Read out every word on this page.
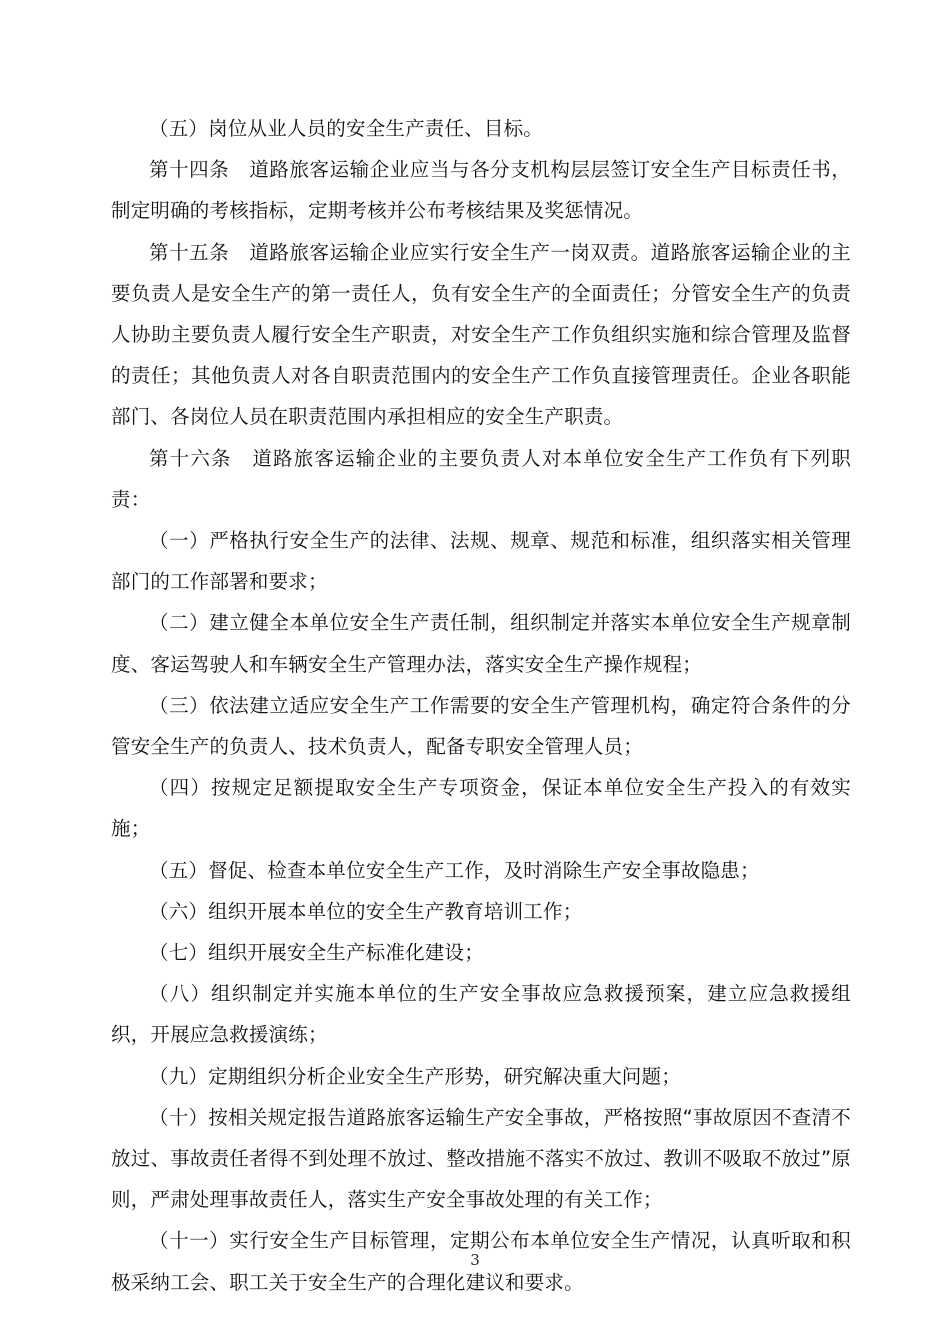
（五）岗位从业人员的安全生产责任、目标。

第十四条　道路旅客运输企业应当与各分支机构层层签订安全生产目标责任书，制定明确的考核指标，定期考核并公布考核结果及奖惩情况。

第十五条　道路旅客运输企业应实行安全生产一岗双责。道路旅客运输企业的主要负责人是安全生产的第一责任人，负有安全生产的全面责任；分管安全生产的负责人协助主要负责人履行安全生产职责，对安全生产工作负组织实施和综合管理及监督的责任；其他负责人对各自职责范围内的安全生产工作负直接管理责任。企业各职能部门、各岗位人员在职责范围内承担相应的安全生产职责。

第十六条　道路旅客运输企业的主要负责人对本单位安全生产工作负有下列职责：

（一）严格执行安全生产的法律、法规、规章、规范和标准，组织落实相关管理部门的工作部署和要求；

（二）建立健全本单位安全生产责任制，组织制定并落实本单位安全生产规章制度、客运驾驶人和车辆安全生产管理办法，落实安全生产操作规程；

（三）依法建立适应安全生产工作需要的安全生产管理机构，确定符合条件的分管安全生产的负责人、技术负责人，配备专职安全管理人员；

（四）按规定足额提取安全生产专项资金，保证本单位安全生产投入的有效实施；

（五）督促、检查本单位安全生产工作，及时消除生产安全事故隐患；

（六）组织开展本单位的安全生产教育培训工作；

（七）组织开展安全生产标准化建设；

（八）组织制定并实施本单位的生产安全事故应急救援预案，建立应急救援组织，开展应急救援演练；

（九）定期组织分析企业安全生产形势，研究解决重大问题；

（十）按相关规定报告道路旅客运输生产安全事故，严格按照“事故原因不查清不放过、事故责任者得不到处理不放过、整改措施不落实不放过、教训不吸取不放过”原则，严肃处理事故责任人，落实生产安全事故处理的有关工作；

（十一）实行安全生产目标管理，定期公布本单位安全生产情况，认真听取和积极采纳工会、职工关于安全生产的合理化建议和要求。

3
